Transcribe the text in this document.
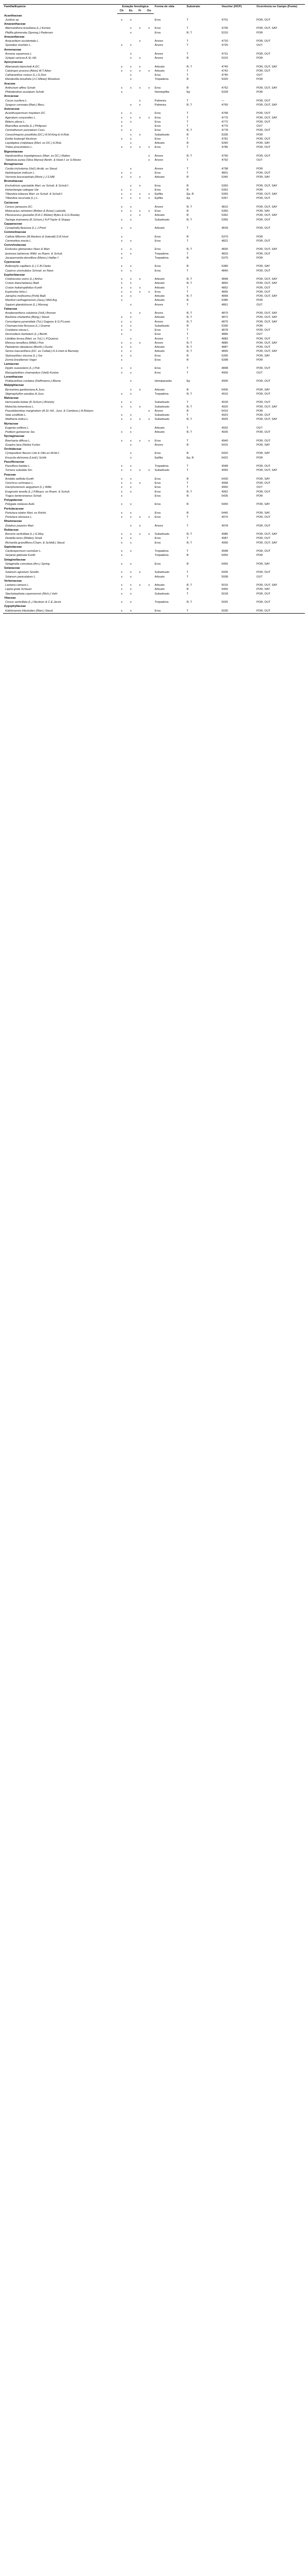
Família/Espécie	Estação fenológica				Forma de vida	Substrato	Voucher (HCP)	Ocorrência no Campo (Fonte)
	Ch	Es	Fr	Ou				
Acanthaceae								
Justicia sp.	x	x			Erva	T	4701	POR, OUT
Amaranthaceae								
Alternanthera brasiliana (L.) Kuntze		x	x	x	Erva	T	4705	POR, OUT, SAY
Pfaffia glomerata (Spreng.) Pedersen		x			Erva	R, T	5310	POR
Anacardiaceae								
Anacardium occidentale L.			x		Árvore	T	4720	POR, OUT
Spondias mombin L.	x	x			Árvore	T	4725	OUT
Annonaceae								
Annona squamosa L.		x			Árvore	T	4731	POR, OUT
Xylopia sericea A.St.-Hil.		x	x		Árvore	R	5315	POR
Apocynaceae								
Allamanda blanchetii A.DC.	x	x	x		Arbusto	R, T	4740	POR, OUT, SAY
Calotropis procera (Aiton) W.T.Aiton	x	x	x	x	Arbusto	T	4742	POR, OUT
Catharanthus roseus (L.) G.Don		x			Erva	T	4745	OUT
Mandevilla tenuifolia (J.C.Mikan) Woodson		x			Trepadeira	R	5320	POR
Araceae								
Anthurium affine Schott	x	x	x	x	Erva	R	4752	POR, OUT, SAY
Philodendron acutatum Schott	x				Hemiepífita	Ep	5328	POR
Arecaceae								
Cocos nucifera L.			x		Palmeira	T	—	POR, OUT
Syagrus coronata (Mart.) Becc.		x	x		Palmeira	R, T	4760	POR, OUT, SAY
Asteraceae								
Acanthospermum hispidum DC.	x	x			Erva	T	4768	POR, OUT
Ageratum conyzoides L.	x	x	x	x	Erva	T	4770	POR, OUT, SAY
Bidens pilosa L.	x	x			Erva	T	4772	POR, OUT
Blainvillea acmella (L.) Philipson	x				Erva	T	4775	OUT
Centratherum punctatum Cass.	x	x			Erva	R, T	4778	POR, OUT
Conocliniopsis prasiifolia (DC.) R.M.King & H.Rob.		x	x		Subarbusto	R	5335	POR
Emilia fosbergii Nicolson	x	x			Erva	T	4781	POR, OUT
Lepidaploa chalybaea (Mart. ex DC.) H.Rob.		x			Arbusto	R	5340	POR, SAY
Tridax procumbens L.	x	x	x	x	Erva	T	4785	POR, OUT
Bignoniaceae								
Handroanthus impetiginosus (Mart. ex DC.) Mattos				x	Árvore	R, T	4790	POR, OUT
Tabebuia aurea (Silva Manso) Benth. & Hook.f. ex S.Moore				x	Árvore	T	4792	OUT
Boraginaceae								
Cordia trichotoma (Vell.) Arráb. ex Steud.		x			Árvore	T	4798	POR
Heliotropium indicum L.	x	x			Erva	T	4801	POR, OUT
Varronia leucocephala (Moric.) J.S.Mill.	x	x	x		Arbusto	R	5345	POR, SAY
Bromeliaceae								
Encholirium spectabile Mart. ex Schult. & Schult.f.		x	x		Erva	R	5350	POR, OUT, SAY
Hohenbergia catingae Ule	x	x			Erva	R	5352	POR
Tillandsia loliacea Mart. ex Schult. & Schult.f.	x	x	x	x	Epífita	Ep, R	5355	POR, OUT, SAY
Tillandsia recurvata (L.) L.	x	x	x	x	Epífita	Ep	5357	POR, OUT
Cactaceae								
Cereus jamacaru DC.	x	x			Árvore	R, T	4810	POR, OUT, SAY
Melocactus zehntneri (Britton & Rose) Luetzelb.	x	x	x	x	Erva	R	5360	POR, SAY
Pilosocereus gounellei (F.A.C.Weber) Byles & G.D.Rowley		x	x		Arbusto	R	5362	POR, OUT, SAY
Tacinga inamoena (K.Schum.) N.P.Taylor & Stuppy	x	x			Subarbusto	R, T	5365	POR, OUT
Capparaceae								
Cynophalla flexuosa (L.) J.Presl	x	x			Arbusto	T	4818	POR, OUT
Commelinaceae								
Callisia filiformis (M.Martens & Galeotti) D.R.Hunt	x				Erva	R	5370	POR
Commelina erecta L.	x	x			Erva	T	4822	POR, OUT
Convolvulaceae								
Evolvulus glomeratus Nees & Mart.	x	x			Erva	R, T	4830	POR, OUT, SAY
Ipomoea bahiensis Willd. ex Roem. & Schult.	x	x			Trepadeira	T	4833	POR, OUT
Jacquemontia densiflora (Meisn.) Hallier f.	x				Trepadeira	R	5375	POR
Cyperaceae								
Bulbostylis capillaris (L.) C.B.Clarke	x	x			Erva	R	5380	POR, SAY
Cyperus uncinulatus Schrad. ex Nees	x	x			Erva	T	4840	POR, OUT
Euphorbiaceae								
Cnidoscolus urens (L.) Arthur	x	x	x		Arbusto	R, T	4848	POR, OUT, SAY
Croton blanchetianus Baill.	x	x			Arbusto	R, T	4850	POR, OUT, SAY
Croton heliotropiifolius Kunth	x	x	x		Arbusto	T	4852	POR, OUT
Euphorbia hirta L.	x	x	x	x	Erva	T	4855	POR, OUT
Jatropha mollissima (Pohl) Baill.	x	x			Arbusto	R, T	4858	POR, OUT, SAY
Manihot carthagenensis (Jacq.) Müll.Arg.	x				Arbusto	R	5385	POR
Sapium glandulosum (L.) Morong		x			Árvore	T	4861	OUT
Fabaceae								
Anadenanthera colubrina (Vell.) Brenan		x	x		Árvore	R, T	4870	POR, OUT, SAY
Bauhinia cheilantha (Bong.) Steud.	x	x			Arbusto	R, T	4872	POR, OUT, SAY
Cenostigma pyramidale (Tul.) Gagnon & G.P.Lewis	x	x			Árvore	R, T	4875	POR, OUT, SAY
Chamaecrista flexuosa (L.) Greene	x	x			Subarbusto	R	5390	POR
Crotalaria retusa L.	x	x			Erva	T	4878	POR, OUT
Desmodium barbatum (L.) Benth.	x				Erva	T	4880	OUT
Libidibia ferrea (Mart. ex Tul.) L.P.Queiroz		x			Árvore	T	4883	POR, OUT
Mimosa tenuiflora (Willd.) Poir.	x	x	x		Árvore	R, T	4885	POR, OUT, SAY
Piptadenia stipulacea (Benth.) Ducke	x	x			Arbusto	R, T	4887	POR, OUT
Senna macranthera (DC. ex Collad.) H.S.Irwin & Barneby	x	x			Arbusto	R, T	4890	POR, OUT, SAY
Stylosanthes viscosa (L.) Sw.	x	x			Erva	R	5395	POR, SAY
Zornia brasiliensis Vogel	x				Erva	R	5398	POR
Lamiaceae								
Hyptis suaveolens (L.) Poit.	x	x			Erva	T	4898	POR, OUT
Marsypianthes chamaedrys (Vahl) Kuntze	x	x			Erva	T	4900	OUT
Loranthaceae								
Psittacanthus cordatus (Hoffmanns.) Blume		x			Hemiparasita	Ep	4905	POR, OUT
Malpighiaceae								
Byrsonima gardneriana A.Juss.		x	x		Arbusto	R	5405	POR, SAY
Stigmaphyllon paralias A.Juss.	x	x			Trepadeira	R, T	4910	POR, OUT
Malvaceae								
Herissantia tiubae (K.Schum.) Brizicky	x	x			Subarbusto	T	4918	POR, OUT
Melochia tomentosa L.	x	x	x		Subarbusto	R, T	4920	POR, OUT, SAY
Pseudobombax marginatum (A.St.-Hil., Juss. & Cambess.) A.Robyns				x	Árvore	R	5410	POR
Sida cordifolia L.	x	x			Subarbusto	T	4923	POR, OUT
Waltheria indica L.	x	x	x	x	Subarbusto	R, T	4925	POR, OUT, SAY
Myrtaceae								
Eugenia uniflora L.		x			Arbusto	T	4932	OUT
Psidium guineense Sw.	x	x			Arbusto	R, T	4935	POR, OUT
Nyctaginaceae								
Boerhavia diffusa L.	x	x	x	x	Erva	T	4940	POR, OUT
Guapira laxa (Netto) Furlan		x			Árvore	R	5415	POR, SAY
Orchidaceae								
Cyrtopodium flavum Link & Otto ex Rchb.f.		x			Erva	R	5420	POR, SAY
Encyclia dichroma (Lindl.) Schltr.		x			Epífita	Ep, R	5422	POR
Passifloraceae								
Passiflora foetida L.	x	x			Trepadeira	T	4948	POR, OUT
Turnera subulata Sm.	x	x	x	x	Subarbusto	T	4950	POR, OUT, SAY
Poaceae								
Aristida setifolia Kunth	x	x			Erva	R	5430	POR, SAY
Cenchrus echinatus L.	x	x	x		Erva	T	4958	POR, OUT
Dactyloctenium aegyptium (L.) Willd.	x	x			Erva	T	4960	OUT
Eragrostis tenella (L.) P.Beauv. ex Roem. & Schult.	x	x			Erva	R, T	4962	POR, OUT
Tragus berteronianus Schult.	x				Erva	R	5435	POR
Polygalaceae								
Polygala violacea Aubl.	x	x			Erva	R	5440	POR, SAY
Portulacaceae								
Portulaca elatior Mart. ex Rohrb.	x	x			Erva	R	5445	POR, SAY
Portulaca oleracea L.	x	x	x	x	Erva	T	4970	POR, OUT
Rhamnaceae								
Ziziphus joazeiro Mart.		x	x		Árvore	T	4978	POR, OUT
Rubiaceae								
Borreria verticillata (L.) G.Mey.	x	x	x	x	Subarbusto	R, T	4985	POR, OUT, SAY
Diodella teres (Walter) Small	x	x			Erva	T	4987	POR, OUT
Richardia grandiflora (Cham. & Schltdl.) Steud.	x	x			Erva	R, T	4990	POR, OUT, SAY
Sapindaceae								
Cardiospermum corindum L.	x	x			Trepadeira	T	4998	POR, OUT
Serjania glabrata Kunth	x				Trepadeira	R	5450	POR
Selaginellaceae								
Selaginella convoluta (Arn.) Spring	x	x			Erva	R	5455	POR, SAY
Solanaceae								
Solanum agrarium Sendtn.	x	x	x		Subarbusto	T	5005	POR, OUT
Solanum paniculatum L.	x	x			Arbusto	T	5008	OUT
Verbenaceae								
Lantana camara L.	x	x	x	x	Arbusto	R, T	5015	POR, OUT, SAY
Lippia grata Schauer	x	x			Arbusto	R	5460	POR, SAY
Stachytarpheta cayennensis (Rich.) Vahl	x	x			Subarbusto	T	5018	POR, OUT
Vitaceae								
Cissus verticillata (L.) Nicolson & C.E.Jarvis	x	x			Trepadeira	R, T	5025	POR, OUT
Zygophyllaceae								
Kallstroemia tribuloides (Mart.) Steud.	x	x			Erva	T	5030	POR, OUT
